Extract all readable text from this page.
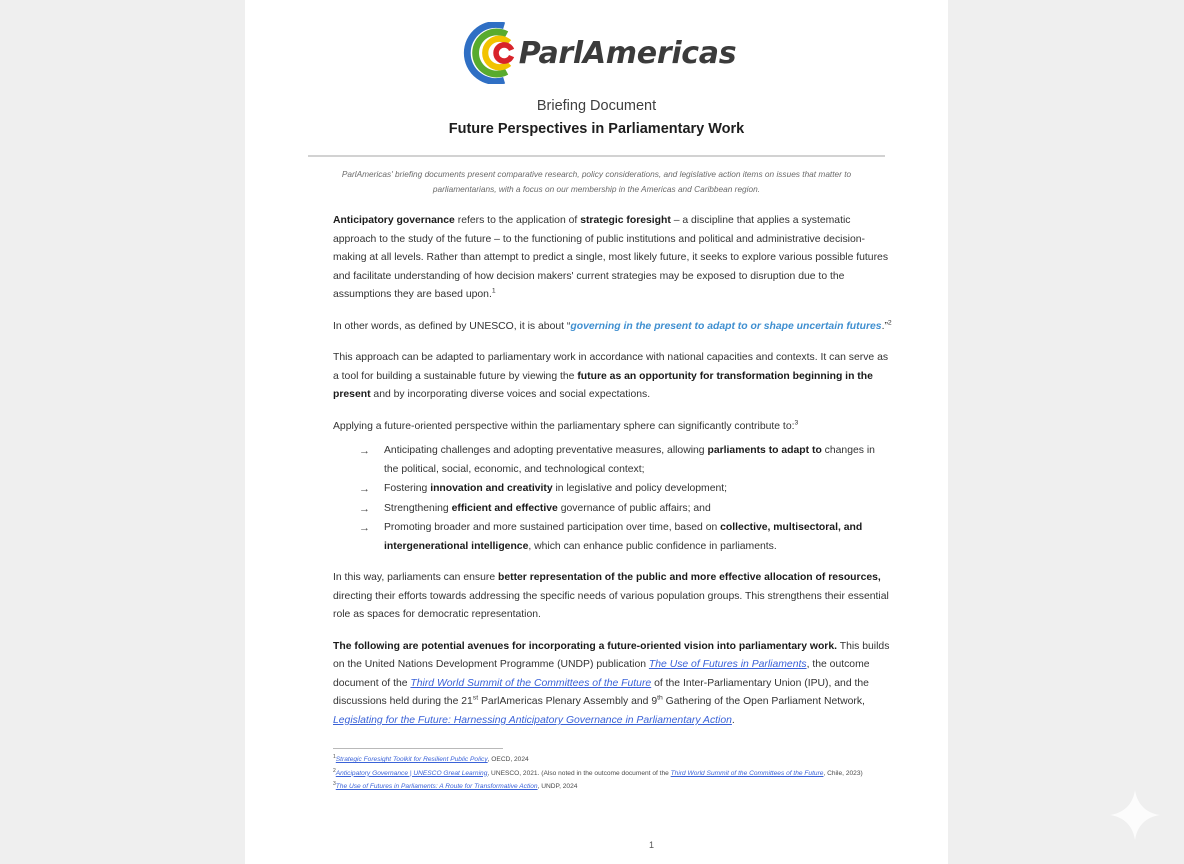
ParlAmericas
Briefing Document
Future Perspectives in Parliamentary Work
ParlAmericas' briefing documents present comparative research, policy considerations, and legislative action items on issues that matter to parliamentarians, with a focus on our membership in the Americas and Caribbean region.

Anticipatory governance refers to the application of strategic foresight – a discipline that applies a systematic approach to the study of the future – to the functioning of public institutions and political and administrative decision-making at all levels. Rather than attempt to predict a single, most likely future, it seeks to explore various possible futures and facilitate understanding of how decision makers' current strategies may be exposed to disruption due to the assumptions they are based upon.$^1$

In other words, as defined by UNESCO, it is about “governing in the present to adapt to or shape uncertain futures.”$^2$

This approach can be adapted to parliamentary work in accordance with national capacities and contexts. It can serve as a tool for building a sustainable future by viewing the future as an opportunity for transformation beginning in the present and by incorporating diverse voices and social expectations.

Applying a future-oriented perspective within the parliamentary sphere can significantly contribute to:$^3$

→ Anticipating challenges and adopting preventative measures, allowing parliaments to adapt to changes in the political, social, economic, and technological context;
→ Fostering innovation and creativity in legislative and policy development;
→ Strengthening efficient and effective governance of public affairs; and
→ Promoting broader and more sustained participation over time, based on collective, multisectoral, and intergenerational intelligence, which can enhance public confidence in parliaments.

In this way, parliaments can ensure better representation of the public and more effective allocation of resources, directing their efforts towards addressing the specific needs of various population groups. This strengthens their essential role as spaces for democratic representation.

The following are potential avenues for incorporating a future-oriented vision into parliamentary work. This builds on the United Nations Development Programme (UNDP) publication The Use of Futures in Parliaments, the outcome document of the Third World Summit of the Committees of the Future of the Inter-Parliamentary Union (IPU), and the discussions held during the 21st ParlAmericas Plenary Assembly and 9th Gathering of the Open Parliament Network, Legislating for the Future: Harnessing Anticipatory Governance in Parliamentary Action.

$^1$Strategic Foresight Toolkit for Resilient Public Policy, OECD, 2024
$^2$Anticipatory Governance | UNESCO Great Learning, UNESCO, 2021. (Also noted in the outcome document of the Third World Summit of the Committees of the Future, Chile, 2023)
$^3$The Use of Futures in Parliaments: A Route for Transformative Action, UNDP, 2024
1
